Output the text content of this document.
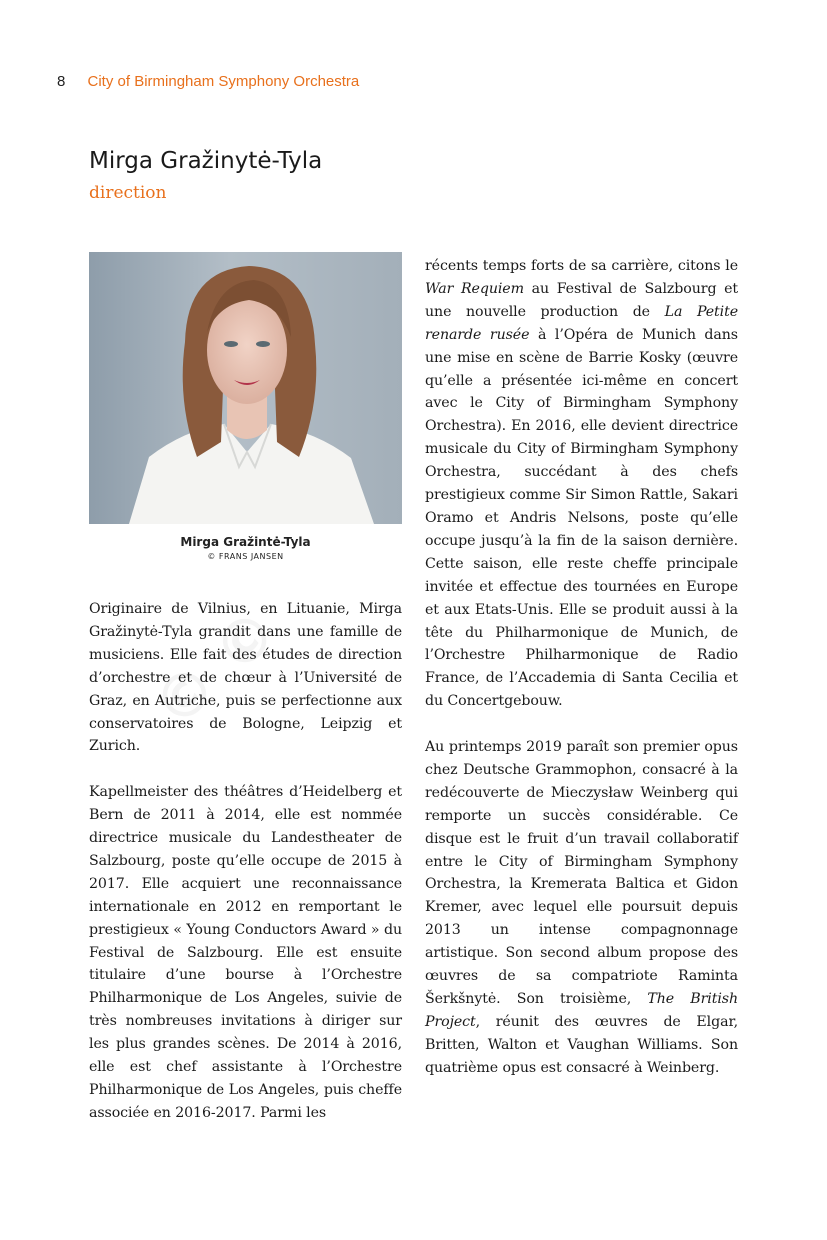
8 City of Birmingham Symphony Orchestra
Mirga Gražinytė-Tyla
direction
Mirga Gražintė-Tyla
© FRANS JANSEN

Originaire de Vilnius, en Lituanie, Mirga Gražinytė-Tyla grandit dans une famille de musiciens. Elle fait des études de direction d’orchestre et de chœur à l’Université de Graz, en Autriche, puis se perfectionne aux conservatoires de Bologne, Leipzig et Zurich.

Kapellmeister des théâtres d’Heidelberg et Bern de 2011 à 2014, elle est nommée directrice musicale du Landestheater de Salzbourg, poste qu’elle occupe de 2015 à 2017. Elle acquiert une reconnaissance internationale en 2012 en remportant le prestigieux « Young Conductors Award » du Festival de Salzbourg. Elle est ensuite titulaire d’une bourse à l’Orchestre Philharmonique de Los Angeles, suivie de très nombreuses invitations à diriger sur les plus grandes scènes. De 2014 à 2016, elle est chef assistante à l’Orchestre Philharmonique de Los Angeles, puis cheffe associée en 2016-2017. Parmi les

récents temps forts de sa carrière, citons le War Requiem au Festival de Salzbourg et une nouvelle production de La Petite renarde rusée à l’Opéra de Munich dans une mise en scène de Barrie Kosky (œuvre qu’elle a présentée ici-même en concert avec le City of Birmingham Symphony Orchestra). En 2016, elle devient directrice musicale du City of Birmingham Symphony Orchestra, succédant à des chefs prestigieux comme Sir Simon Rattle, Sakari Oramo et Andris Nelsons, poste qu’elle occupe jusqu’à la fin de la saison dernière. Cette saison, elle reste cheffe principale invitée et effectue des tournées en Europe et aux Etats-Unis. Elle se produit aussi à la tête du Philharmonique de Munich, de l’Orchestre Philharmonique de Radio France, de l’Accademia di Santa Cecilia et du Concertgebouw.

Au printemps 2019 paraît son premier opus chez Deutsche Grammophon, consacré à la redécouverte de Mieczysław Weinberg qui remporte un succès considérable. Ce disque est le fruit d’un travail collaboratif entre le City of Birmingham Symphony Orchestra, la Kremerata Baltica et Gidon Kremer, avec lequel elle poursuit depuis 2013 un intense compagnonnage artistique. Son second album propose des œuvres de sa compatriote Raminta Šerkšnytė. Son troisième, The British Project, réunit des œuvres de Elgar, Britten, Walton et Vaughan Williams. Son quatrième opus est consacré à Weinberg.
